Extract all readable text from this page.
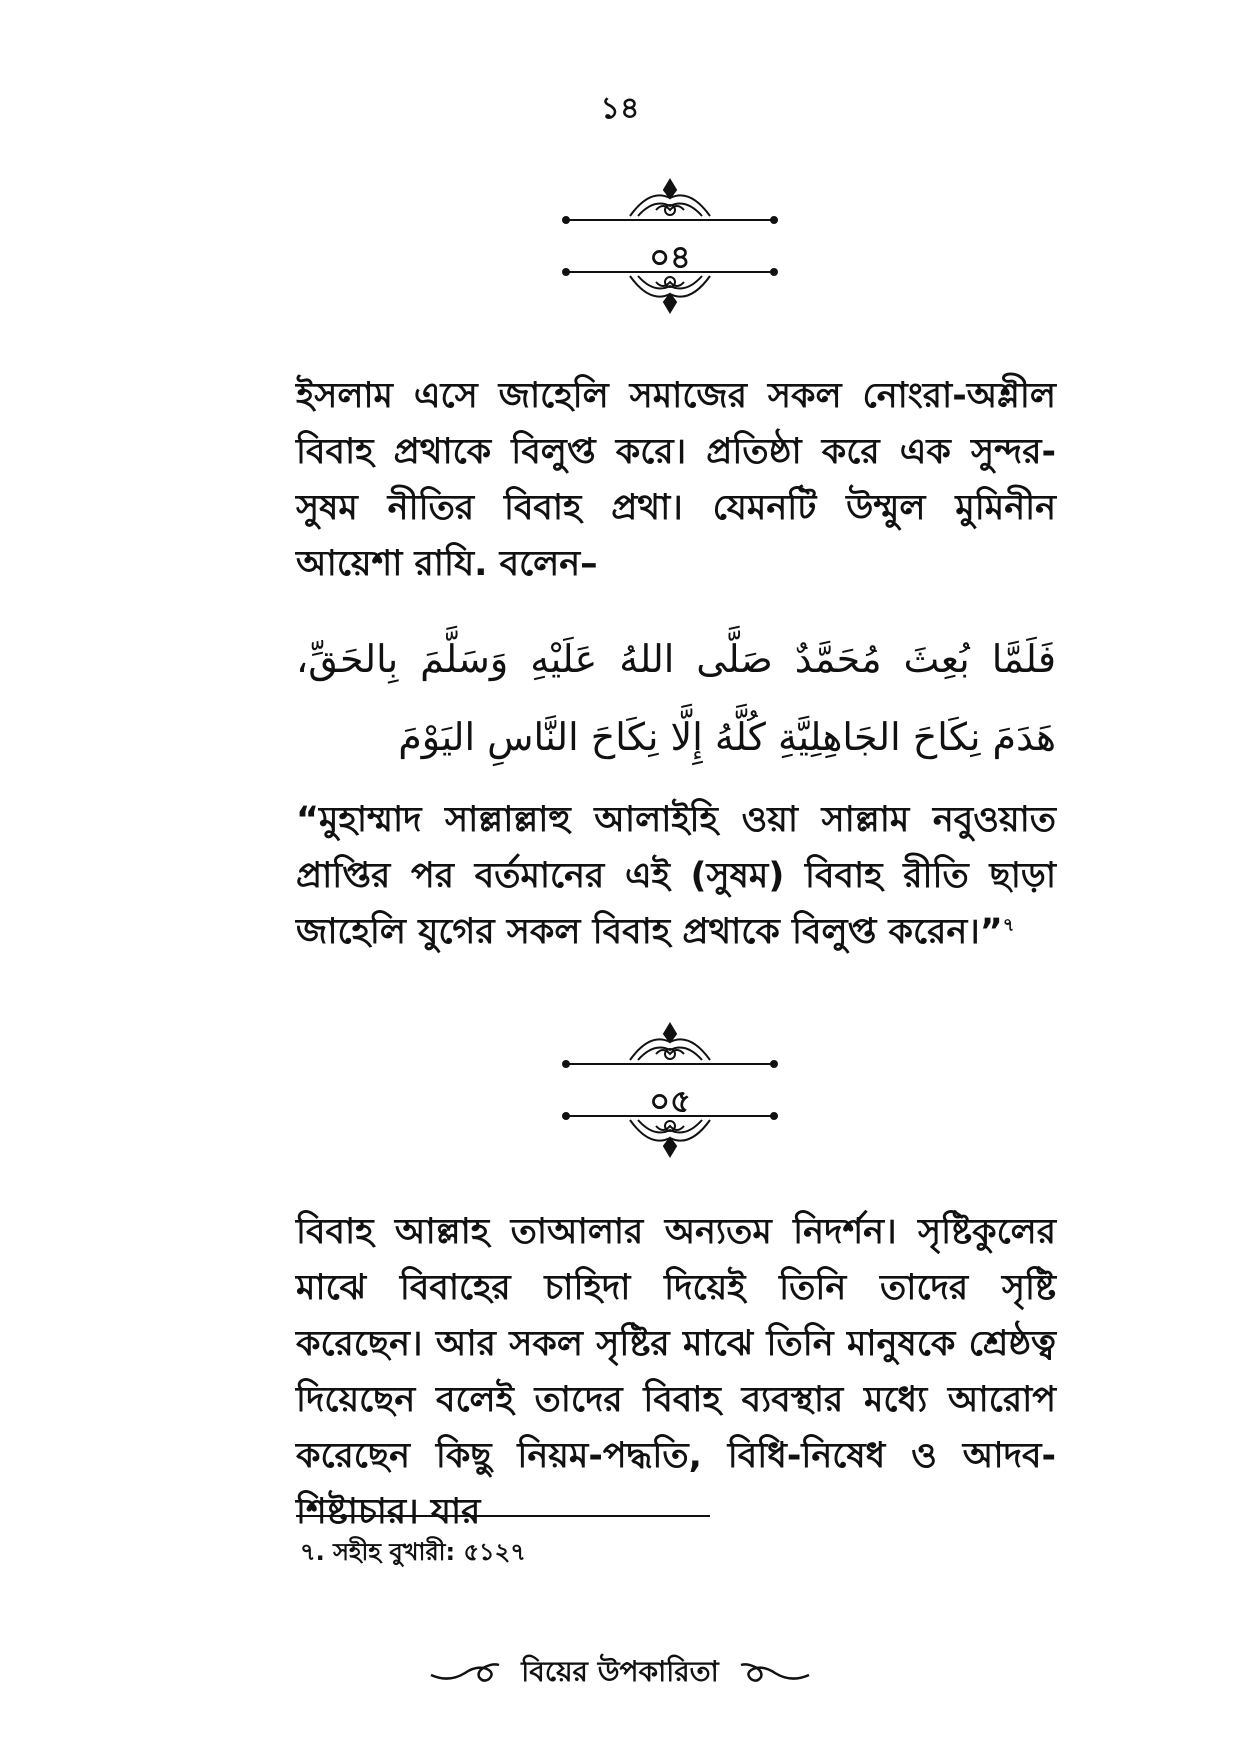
১৪
০৪

ইসলাম এসে জাহেলি সমাজের সকল নোংরা-অশ্লীল বিবাহ প্রথাকে বিলুপ্ত করে। প্রতিষ্ঠা করে এক সুন্দর-সুষম নীতির বিবাহ প্রথা। যেমনটি উম্মুল মুমিনীন আয়েশা রাযি. বলেন–

فَلَمَّا بُعِثَ مُحَمَّدٌ صَلَّى اللهُ عَلَيْهِ وَسَلَّمَ بِالحَقِّ، هَدَمَ نِكَاحَ الجَاهِلِيَّةِ كُلَّهُ إِلَّا نِكَاحَ النَّاسِ اليَوْمَ

“মুহাম্মাদ সাল্লাল্লাহু আলাইহি ওয়া সাল্লাম নবুওয়াত প্রাপ্তির পর বর্তমানের এই (সুষম) বিবাহ রীতি ছাড়া জাহেলি যুগের সকল বিবাহ প্রথাকে বিলুপ্ত করেন।”$^৭$

০৫

বিবাহ আল্লাহ তাআলার অন্যতম নিদর্শন। সৃষ্টিকুলের মাঝে বিবাহের চাহিদা দিয়েই তিনি তাদের সৃষ্টি করেছেন। আর সকল সৃষ্টির মাঝে তিনি মানুষকে শ্রেষ্ঠত্ব দিয়েছেন বলেই তাদের বিবাহ ব্যবস্থার মধ্যে আরোপ করেছেন কিছু নিয়ম-পদ্ধতি, বিধি-নিষেধ ও আদব-শিষ্টাচার। যার

৭. সহীহ বুখারী: ৫১২৭
বিয়ের উপকারিতা
